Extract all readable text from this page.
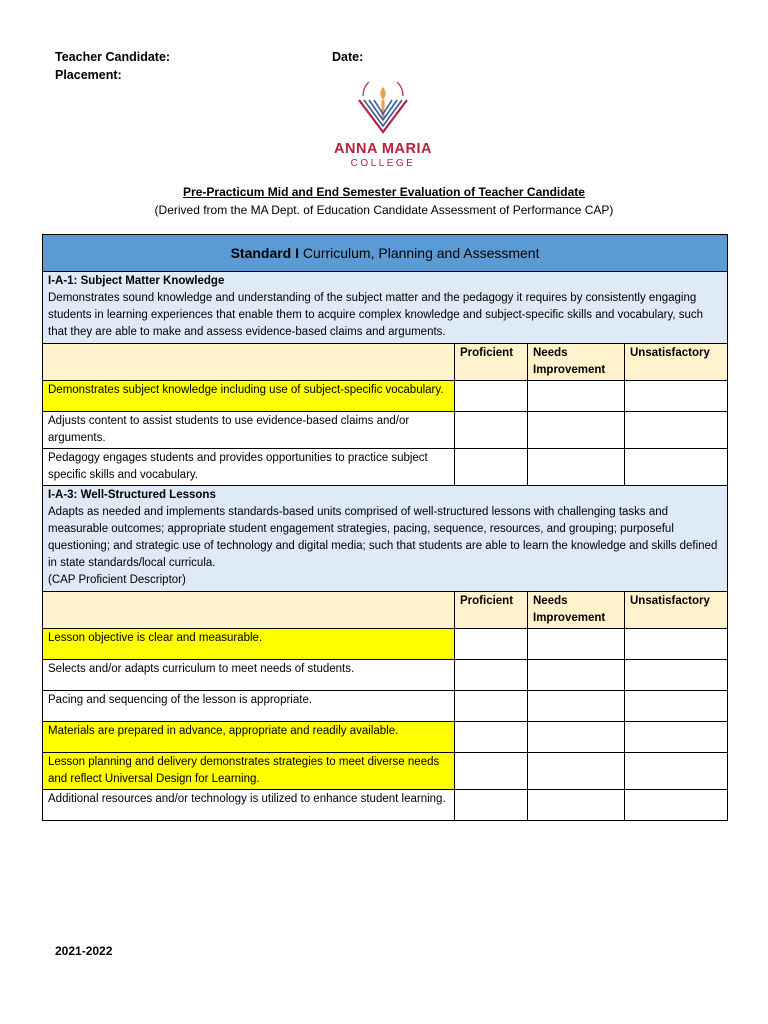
Teacher Candidate:	Date:
Placement:
ANNA MARIA
COLLEGE
Pre-Practicum Mid and End Semester Evaluation of Teacher Candidate
(Derived from the MA Dept. of Education Candidate Assessment of Performance CAP)
Standard I Curriculum, Planning and Assessment			

I-A-1: Subject Matter Knowledge
Demonstrates sound knowledge and understanding of the subject matter and the pedagogy it requires by consistently engaging students in learning experiences that enable them to acquire complex knowledge and subject-specific skills and vocabulary, such that they are able to make and assess evidence-based claims and arguments.			

	Proficient	Needs Improvement	Unsatisfactory
Demonstrates subject knowledge including use of subject-specific vocabulary.			
Adjusts content to assist students to use evidence-based claims and/or arguments.			
Pedagogy engages students and provides opportunities to practice subject specific skills and vocabulary.			

I-A-3: Well-Structured Lessons
Adapts as needed and implements standards-based units comprised of well-structured lessons with challenging tasks and measurable outcomes; appropriate student engagement strategies, pacing, sequence, resources, and grouping; purposeful questioning; and strategic use of technology and digital media; such that students are able to learn the knowledge and skills defined in state standards/local curricula.
(CAP Proficient Descriptor)			

	Proficient	Needs Improvement	Unsatisfactory
Lesson objective is clear and measurable.			
Selects and/or adapts curriculum to meet needs of students.			
Pacing and sequencing of the lesson is appropriate.			
Materials are prepared in advance, appropriate and readily available.			
Lesson planning and delivery demonstrates strategies to meet diverse needs and reflect Universal Design for Learning.			
Additional resources and/or technology is utilized to enhance student learning.			
2021-2022
